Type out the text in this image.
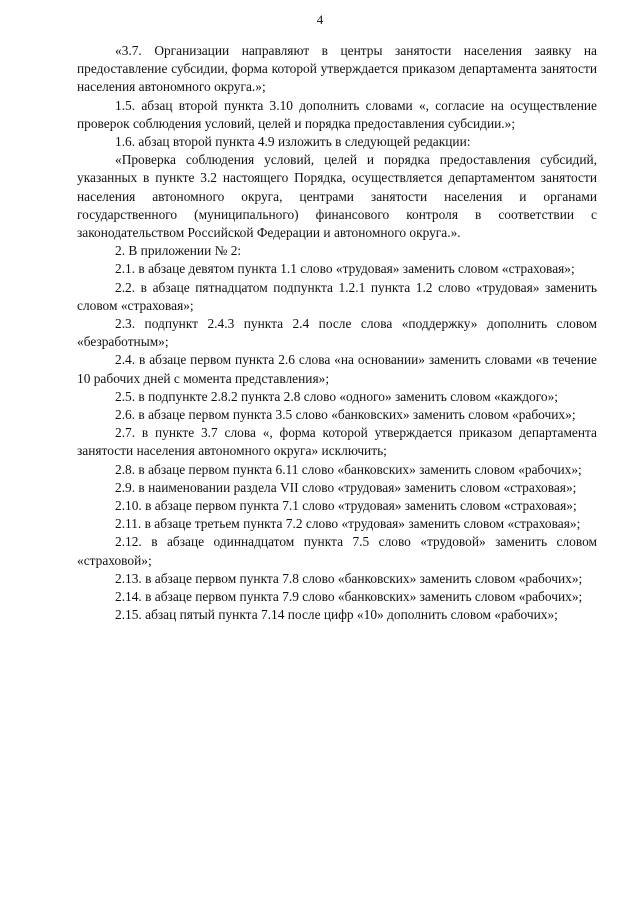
4

«3.7. Организации направляют в центры занятости населения заявку на предоставление субсидии, форма которой утверждается приказом департамента занятости населения автономного округа.»;

1.5. абзац второй пункта 3.10 дополнить словами «, согласие на осуществление проверок соблюдения условий, целей и порядка предоставления субсидии.»;

1.6. абзац второй пункта 4.9 изложить в следующей редакции:

«Проверка соблюдения условий, целей и порядка предоставления субсидий, указанных в пункте 3.2 настоящего Порядка, осуществляется департаментом занятости населения автономного округа, центрами занятости населения и органами государственного (муниципального) финансового контроля в соответствии с законодательством Российской Федерации и автономного округа.».

2. В приложении № 2:

2.1. в абзаце девятом пункта 1.1 слово «трудовая» заменить словом «страховая»;

2.2. в абзаце пятнадцатом подпункта 1.2.1 пункта 1.2 слово «трудовая» заменить словом «страховая»;

2.3. подпункт 2.4.3 пункта 2.4 после слова «поддержку» дополнить словом «безработным»;

2.4. в абзаце первом пункта 2.6 слова «на основании» заменить словами «в течение 10 рабочих дней с момента представления»;

2.5. в подпункте 2.8.2 пункта 2.8 слово «одного» заменить словом «каждого»;

2.6. в абзаце первом пункта 3.5 слово «банковских» заменить словом «рабочих»;

2.7. в пункте 3.7 слова «, форма которой утверждается приказом департамента занятости населения автономного округа» исключить;

2.8. в абзаце первом пункта 6.11 слово «банковских» заменить словом «рабочих»;

2.9. в наименовании раздела VII слово «трудовая» заменить словом «страховая»;

2.10. в абзаце первом пункта 7.1 слово «трудовая» заменить словом «страховая»;

2.11. в абзаце третьем пункта 7.2 слово «трудовая» заменить словом «страховая»;

2.12. в абзаце одиннадцатом пункта 7.5 слово «трудовой» заменить словом «страховой»;

2.13. в абзаце первом пункта 7.8 слово «банковских» заменить словом «рабочих»;

2.14. в абзаце первом пункта 7.9 слово «банковских» заменить словом «рабочих»;

2.15. абзац пятый пункта 7.14 после цифр «10» дополнить словом «рабочих»;
